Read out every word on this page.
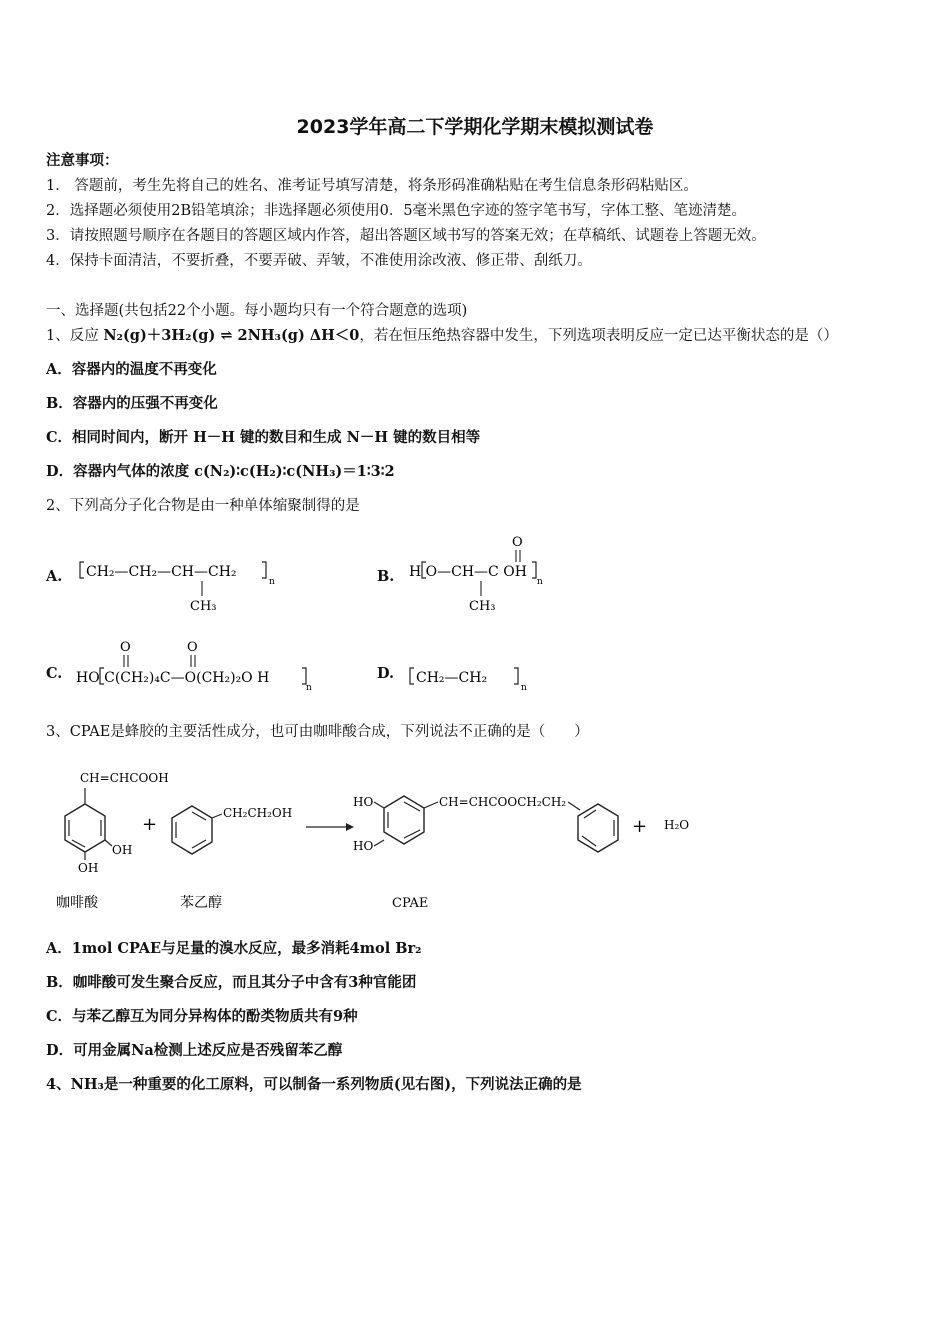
2023学年高二下学期化学期末模拟测试卷
注意事项：
1． 答题前，考生先将自己的姓名、准考证号填写清楚，将条形码准确粘贴在考生信息条形码粘贴区。
2．选择题必须使用2B铅笔填涂；非选择题必须使用0．5毫米黑色字迹的签字笔书写，字体工整、笔迹清楚。
3．请按照题号顺序在各题目的答题区域内作答，超出答题区域书写的答案无效；在草稿纸、试题卷上答题无效。
4．保持卡面清洁，不要折叠，不要弄破、弄皱，不准使用涂改液、修正带、刮纸刀。
一、选择题(共包括22个小题。每小题均只有一个符合题意的选项)
1、反应 N₂(g)＋3H₂(g) ⇌ 2NH₃(g) ΔH＜0，若在恒压绝热容器中发生，下列选项表明反应一定已达平衡状态的是（）
A．容器内的温度不再变化
B．容器内的压强不再变化
C．相同时间内，断开 H－H 键的数目和生成 N－H 键的数目相等
D．容器内气体的浓度 c(N₂)∶c(H₂)∶c(NH₃)＝1∶3∶2
2、下列高分子化合物是由一种单体缩聚制得的是
A.	B.
C.	D.
CH₂—CH₂—CH—CH₂
n
CH₃
O
H O—CH—C OH
n
CH₃
O	O
HO C(CH₂)₄C—O(CH₂)₂O H
n
CH₂—CH₂
n
3、CPAE是蜂胶的主要活性成分，也可由咖啡酸合成，下列说法不正确的是（　　）
CH=CHCOOH
OH
OH
+
CH₂CH₂OH
HO
HO
CH=CHCOOCH₂CH₂
+ H₂O
咖啡酸	苯乙醇	CPAE
A．1mol CPAE与足量的溴水反应，最多消耗4mol Br₂
B．咖啡酸可发生聚合反应，而且其分子中含有3种官能团
C．与苯乙醇互为同分异构体的酚类物质共有9种
D．可用金属Na检测上述反应是否残留苯乙醇
4、NH₃是一种重要的化工原料，可以制备一系列物质(见右图)，下列说法正确的是
